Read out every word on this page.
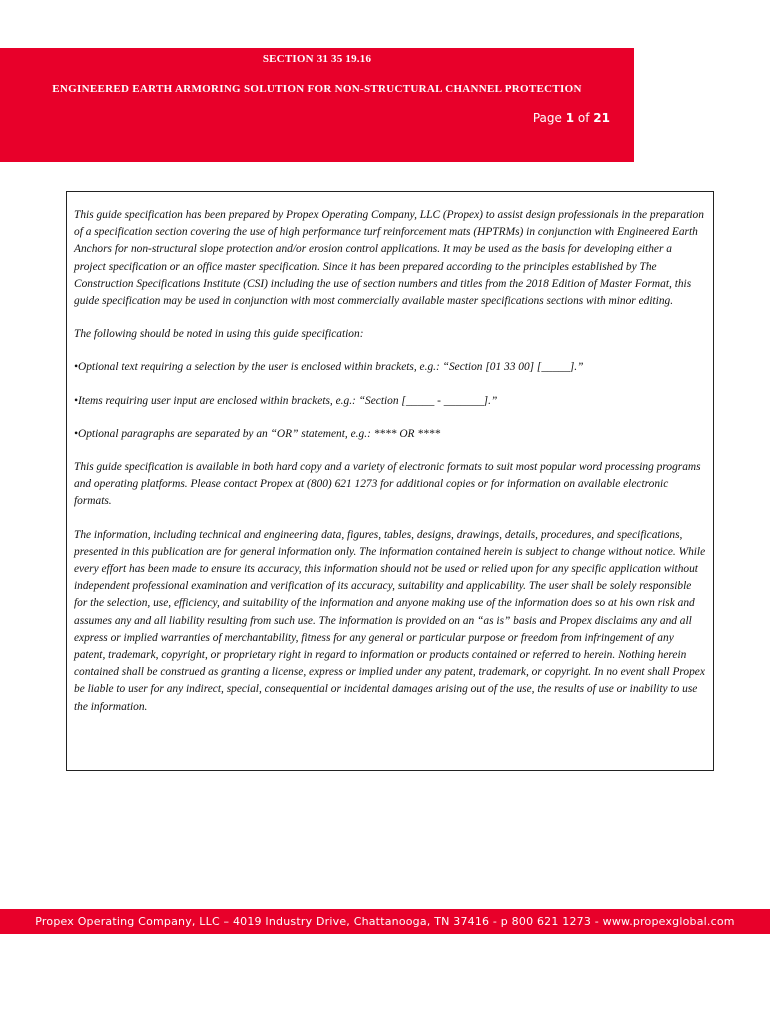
SECTION 31 35 19.16
ENGINEERED EARTH ARMORING SOLUTION FOR NON-STRUCTURAL CHANNEL PROTECTION
Page 1 of 21

This guide specification has been prepared by Propex Operating Company, LLC (Propex) to assist design professionals in the preparation of a specification section covering the use of high performance turf reinforcement mats (HPTRMs) in conjunction with Engineered Earth Anchors for non-structural slope protection and/or erosion control applications. It may be used as the basis for developing either a project specification or an office master specification. Since it has been prepared according to the principles established by The Construction Specifications Institute (CSI) including the use of section numbers and titles from the 2018 Edition of Master Format, this guide specification may be used in conjunction with most commercially available master specifications sections with minor editing.

The following should be noted in using this guide specification:

•Optional text requiring a selection by the user is enclosed within brackets, e.g.: “Section [01 33 00] [_____].”

•Items requiring user input are enclosed within brackets, e.g.: “Section [_____ - _______].”

•Optional paragraphs are separated by an “OR” statement, e.g.: **** OR ****

This guide specification is available in both hard copy and a variety of electronic formats to suit most popular word processing programs and operating platforms. Please contact Propex at (800) 621 1273 for additional copies or for information on available electronic formats.

The information, including technical and engineering data, figures, tables, designs, drawings, details, procedures, and specifications, presented in this publication are for general information only. The information contained herein is subject to change without notice. While every effort has been made to ensure its accuracy, this information should not be used or relied upon for any specific application without independent professional examination and verification of its accuracy, suitability and applicability. The user shall be solely responsible for the selection, use, efficiency, and suitability of the information and anyone making use of the information does so at his own risk and assumes any and all liability resulting from such use. The information is provided on an “as is” basis and Propex disclaims any and all express or implied warranties of merchantability, fitness for any general or particular purpose or freedom from infringement of any patent, trademark, copyright, or proprietary right in regard to information or products contained or referred to herein. Nothing herein contained shall be construed as granting a license, express or implied under any patent, trademark, or copyright. In no event shall Propex be liable to user for any indirect, special, consequential or incidental damages arising out of the use, the results of use or inability to use the information.

Propex Operating Company, LLC – 4019 Industry Drive, Chattanooga, TN 37416 - p 800 621 1273 - www.propexglobal.com
